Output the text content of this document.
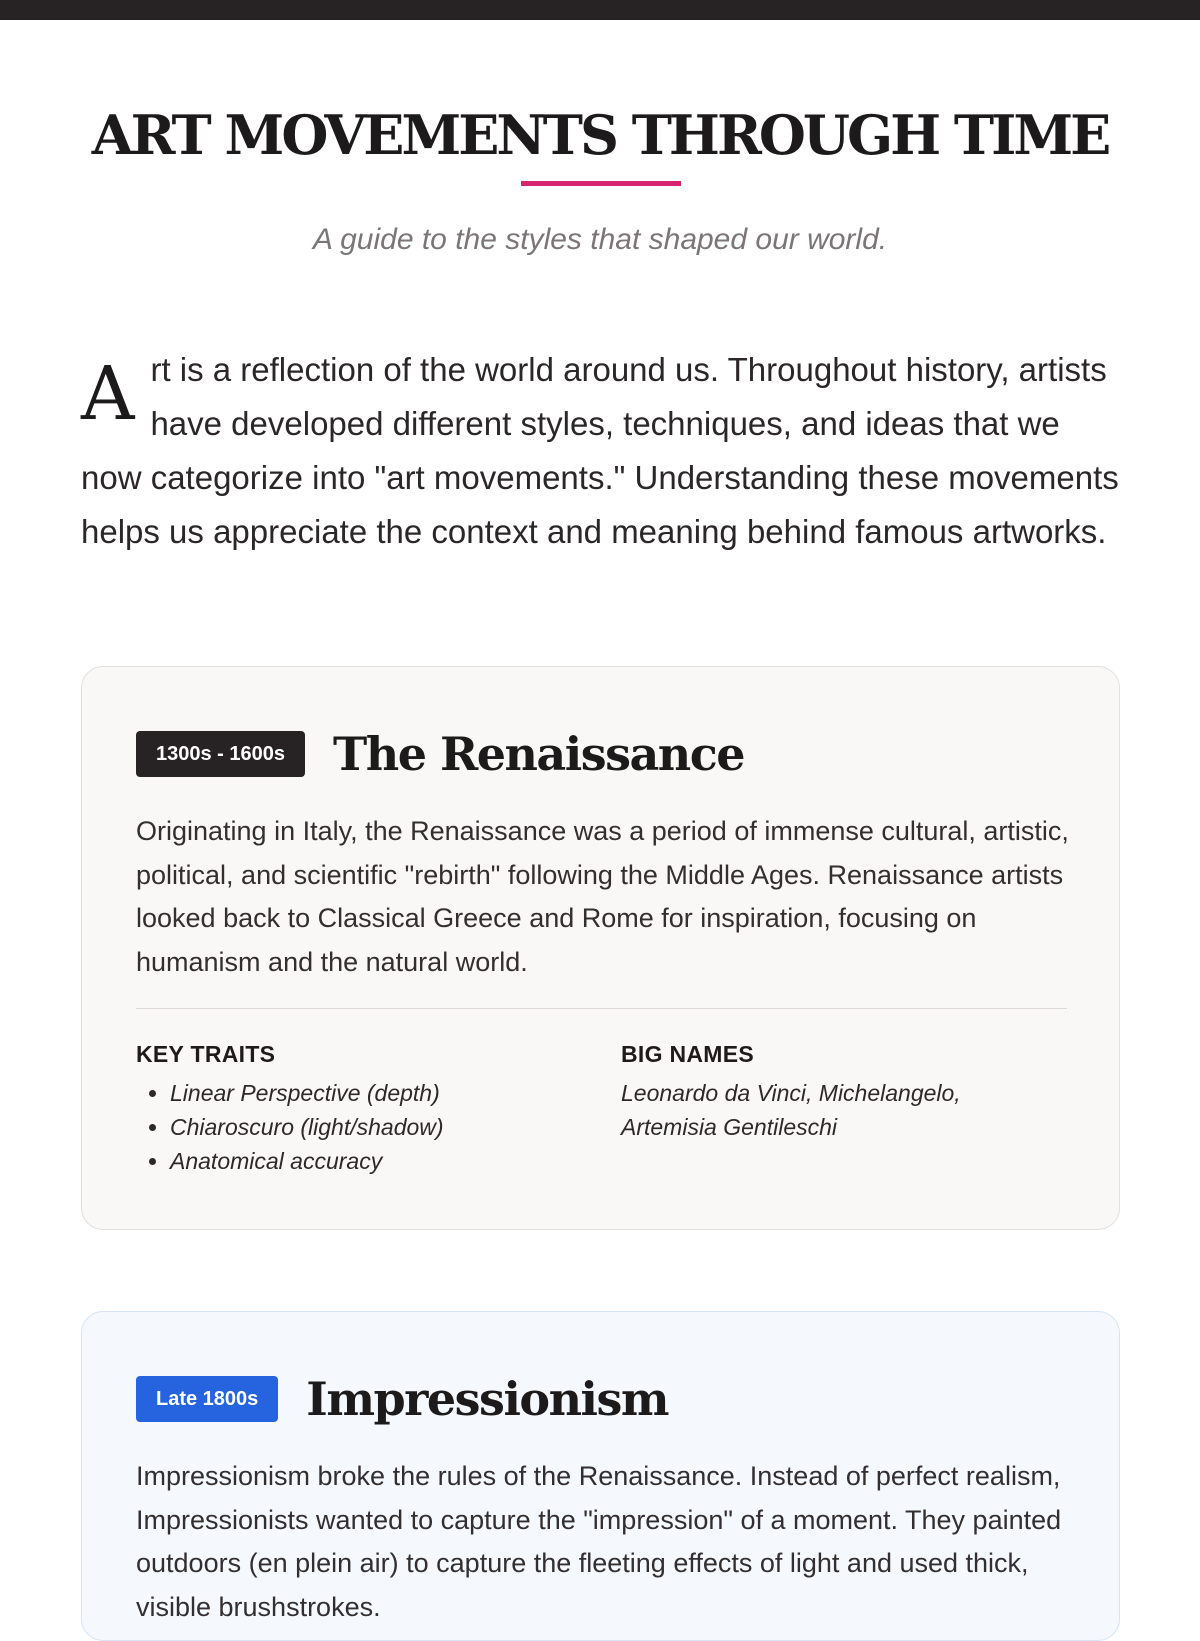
ART MOVEMENTS THROUGH TIME

A guide to the styles that shaped our world.

Art is a reflection of the world around us. Throughout history, artists have developed different styles, techniques, and ideas that we now categorize into "art movements." Understanding these movements helps us appreciate the context and meaning behind famous artworks.

1300s - 1600s	The Renaissance

Originating in Italy, the Renaissance was a period of immense cultural, artistic, political, and scientific "rebirth" following the Middle Ages. Renaissance artists looked back to Classical Greece and Rome for inspiration, focusing on humanism and the natural world.

KEY TRAITS
• Linear Perspective (depth)
• Chiaroscuro (light/shadow)
• Anatomical accuracy
BIG NAMES

Leonardo da Vinci, Michelangelo, Artemisia Gentileschi

Late 1800s	Impressionism

Impressionism broke the rules of the Renaissance. Instead of perfect realism, Impressionists wanted to capture the "impression" of a moment. They painted outdoors (en plein air) to capture the fleeting effects of light and used thick, visible brushstrokes.
